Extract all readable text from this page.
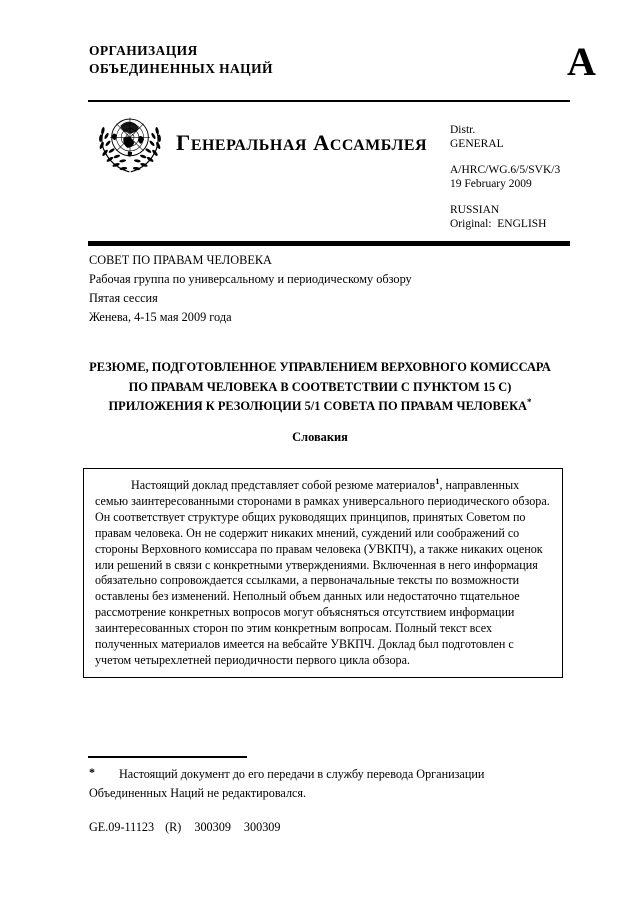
ОРГАНИЗАЦИЯ
ОБЪЕДИНЕННЫХ НАЦИЙ	A
Генеральная Ассамблея Distr.
GENERAL
A/HRC/WG.6/5/SVK/3
19 February 2009
RUSSIAN
Original: ENGLISH
СОВЕТ ПО ПРАВАМ ЧЕЛОВЕКА
Рабочая группа по универсальному и периодическому обзору
Пятая сессия
Женева, 4-15 мая 2009 года
РЕЗЮМЕ, ПОДГОТОВЛЕННОЕ УПРАВЛЕНИЕМ ВЕРХОВНОГО КОМИССАРА
ПО ПРАВАМ ЧЕЛОВЕКА В СООТВЕТСТВИИ С ПУНКТОМ 15 С)
ПРИЛОЖЕНИЯ К РЕЗОЛЮЦИИ 5/1 СОВЕТА ПО ПРАВАМ ЧЕЛОВЕКА*
Словакия

Настоящий доклад представляет собой резюме материалов$^1$, направленных семью заинтересованными сторонами в рамках универсального периодического обзора. Он соответствует структуре общих руководящих принципов, принятых Советом по правам человека. Он не содержит никаких мнений, суждений или соображений со стороны Верховного комиссара по правам человека (УВКПЧ), а также никаких оценок или решений в связи с конкретными утверждениями. Включенная в него информация обязательно сопровождается ссылками, а первоначальные тексты по возможности оставлены без изменений. Неполный объем данных или недостаточно тщательное рассмотрение конкретных вопросов могут объясняться отсутствием информации заинтересованных сторон по этим конкретным вопросам. Полный текст всех полученных материалов имеется на вебсайте УВКПЧ. Доклад был подготовлен с учетом четырехлетней периодичности первого цикла обзора.

* Настоящий документ до его передачи в службу перевода Организации Объединенных Наций не редактировался.
GE.09-11123 (R) 300309 300309
